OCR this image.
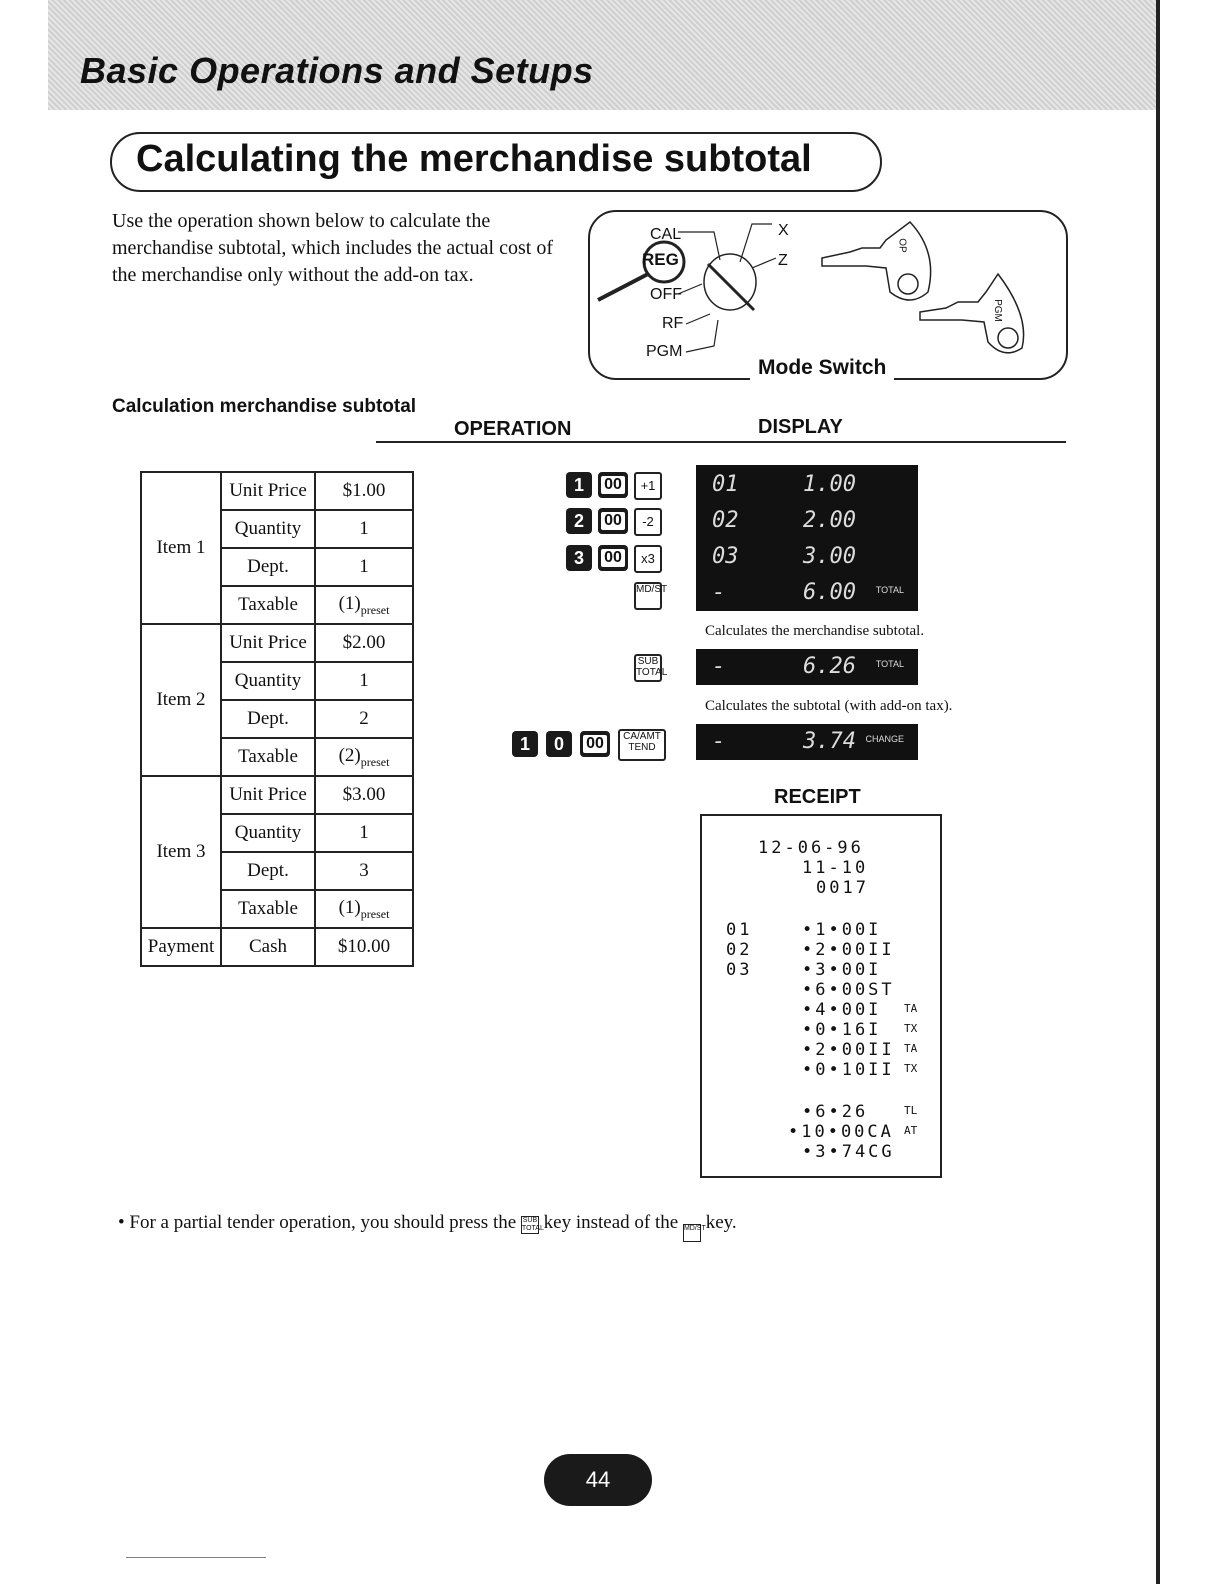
Basic Operations and Setups
Calculating the merchandise subtotal
Use the operation shown below to calculate the merchandise subtotal, which includes the actual cost of the merchandise only without the add-on tax.
CAL
REG
OFF
RF
PGM
X
Z
OP
PGM
Mode Switch
Calculation merchandise subtotal
OPERATION	DISPLAY
Item 1	Unit Price	$1.00
	Quantity	1
	Dept.	1
	Taxable	$(1)_{preset}$
Item 2	Unit Price	$2.00
	Quantity	1
	Dept.	2
	Taxable	$(2)_{preset}$
Item 3	Unit Price	$3.00
	Quantity	1
	Dept.	3
	Taxable	$(1)_{preset}$
Payment	Cash	$10.00
1	00	+1
2	00	-2
3	00	x3
MD/ST
SUB TOTAL
1	0	00	CA/AMT TEND
01	1.00
02	2.00
03	3.00
-	6.00 TOTAL
Calculates the merchandise subtotal.
-	6.26 TOTAL
Calculates the subtotal (with add-on tax).
-	3.74 CHANGE
RECEIPT
12-06-96
11-10
0017
01	•1•00I
02	•2•00II
03	•3•00I
•6•00ST
•4•00I TA
•0•16I TX
•2•00II TA
•0•10II TX
•6•26	TL
•10•00CA AT
•3•74CG
• For a partial tender operation, you should press the SUB TOTAL key instead of the MD/ST key.
44
